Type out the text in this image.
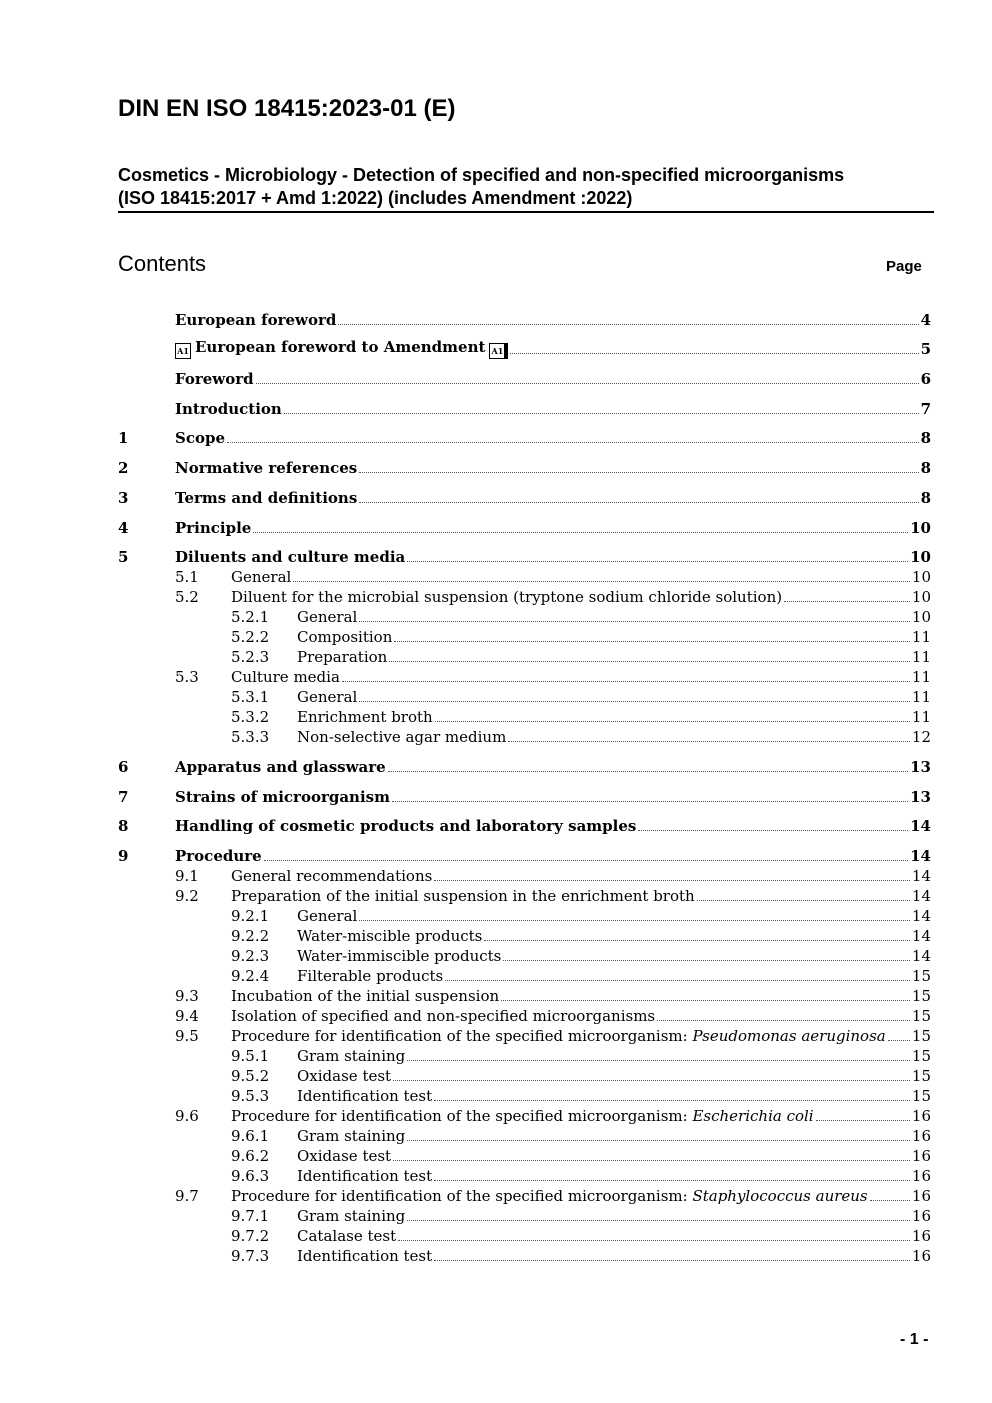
DIN EN ISO 18415:2023-01 (E)
Cosmetics - Microbiology - Detection of specified and non-specified microorganisms
(ISO 18415:2017 + Amd 1:2022) (includes Amendment :2022)
Contents	Page
European foreword	4
A1 European foreword to Amendment A1	5
Foreword	6
Introduction	7
1	Scope	8
2	Normative references	8
3	Terms and definitions	8
4	Principle	10
5	Diluents and culture media	10
5.1	General	10
5.2	Diluent for the microbial suspension (tryptone sodium chloride solution)	10
5.2.1	General	10
5.2.2	Composition	11
5.2.3	Preparation	11
5.3	Culture media	11
5.3.1	General	11
5.3.2	Enrichment broth	11
5.3.3	Non-selective agar medium	12
6	Apparatus and glassware	13
7	Strains of microorganism	13
8	Handling of cosmetic products and laboratory samples	14
9	Procedure	14
9.1	General recommendations	14
9.2	Preparation of the initial suspension in the enrichment broth	14
9.2.1	General	14
9.2.2	Water-miscible products	14
9.2.3	Water-immiscible products	14
9.2.4	Filterable products	15
9.3	Incubation of the initial suspension	15
9.4	Isolation of specified and non-specified microorganisms	15
9.5	Procedure for identification of the specified microorganism: Pseudomonas aeruginosa 15
9.5.1	Gram staining	15
9.5.2	Oxidase test	15
9.5.3	Identification test	15
9.6	Procedure for identification of the specified microorganism: Escherichia coli	16
9.6.1	Gram staining	16
9.6.2	Oxidase test	16
9.6.3	Identification test	16
9.7	Procedure for identification of the specified microorganism: Staphylococcus aureus	16
9.7.1	Gram staining	16
9.7.2	Catalase test	16
9.7.3	Identification test	16
- 1 -
